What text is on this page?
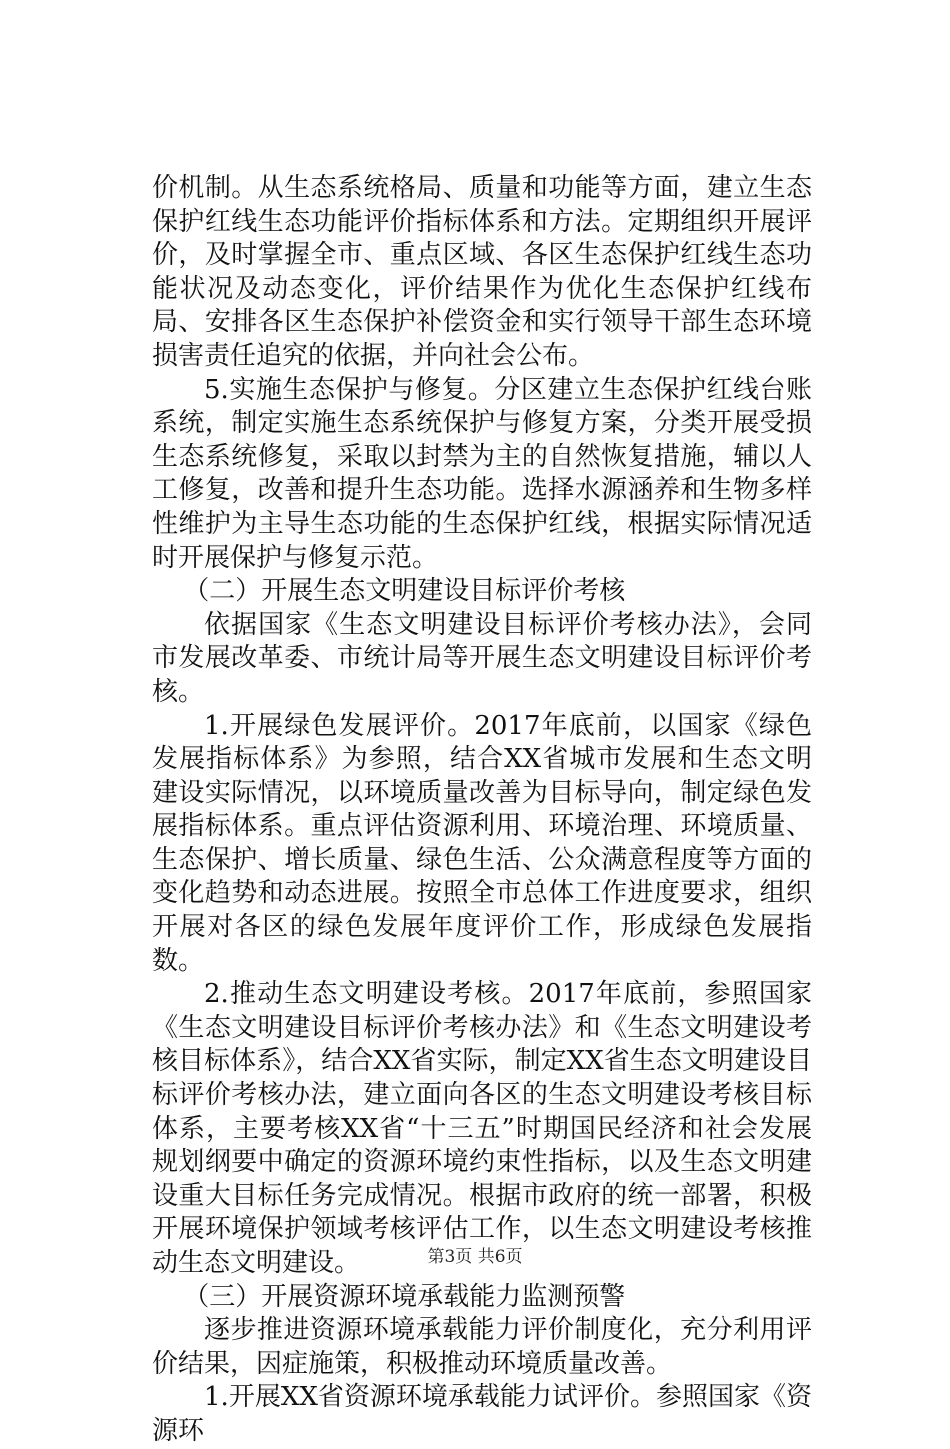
价机制。从生态系统格局、质量和功能等方面，建立生态保护红线生态功能评价指标体系和方法。定期组织开展评价，及时掌握全市、重点区域、各区生态保护红线生态功能状况及动态变化，评价结果作为优化生态保护红线布局、安排各区生态保护补偿资金和实行领导干部生态环境损害责任追究的依据，并向社会公布。

5.实施生态保护与修复。分区建立生态保护红线台账系统，制定实施生态系统保护与修复方案，分类开展受损生态系统修复，采取以封禁为主的自然恢复措施，辅以人工修复，改善和提升生态功能。选择水源涵养和生物多样性维护为主导生态功能的生态保护红线，根据实际情况适时开展保护与修复示范。

（二）开展生态文明建设目标评价考核

依据国家《生态文明建设目标评价考核办法》，会同市发展改革委、市统计局等开展生态文明建设目标评价考核。

1.开展绿色发展评价。2017年底前，以国家《绿色发展指标体系》为参照，结合XX省城市发展和生态文明建设实际情况，以环境质量改善为目标导向，制定绿色发展指标体系。重点评估资源利用、环境治理、环境质量、生态保护、增长质量、绿色生活、公众满意程度等方面的变化趋势和动态进展。按照全市总体工作进度要求，组织开展对各区的绿色发展年度评价工作，形成绿色发展指数。

2.推动生态文明建设考核。2017年底前，参照国家《生态文明建设目标评价考核办法》和《生态文明建设考核目标体系》，结合XX省实际，制定XX省生态文明建设目标评价考核办法，建立面向各区的生态文明建设考核目标体系，主要考核XX省“十三五”时期国民经济和社会发展规划纲要中确定的资源环境约束性指标，以及生态文明建设重大目标任务完成情况。根据市政府的统一部署，积极开展环境保护领域考核评估工作，以生态文明建设考核推动生态文明建设。

（三）开展资源环境承载能力监测预警

逐步推进资源环境承载能力评价制度化，充分利用评价结果，因症施策，积极推动环境质量改善。

1.开展XX省资源环境承载能力试评价。参照国家《资源环

第3页 共6页
